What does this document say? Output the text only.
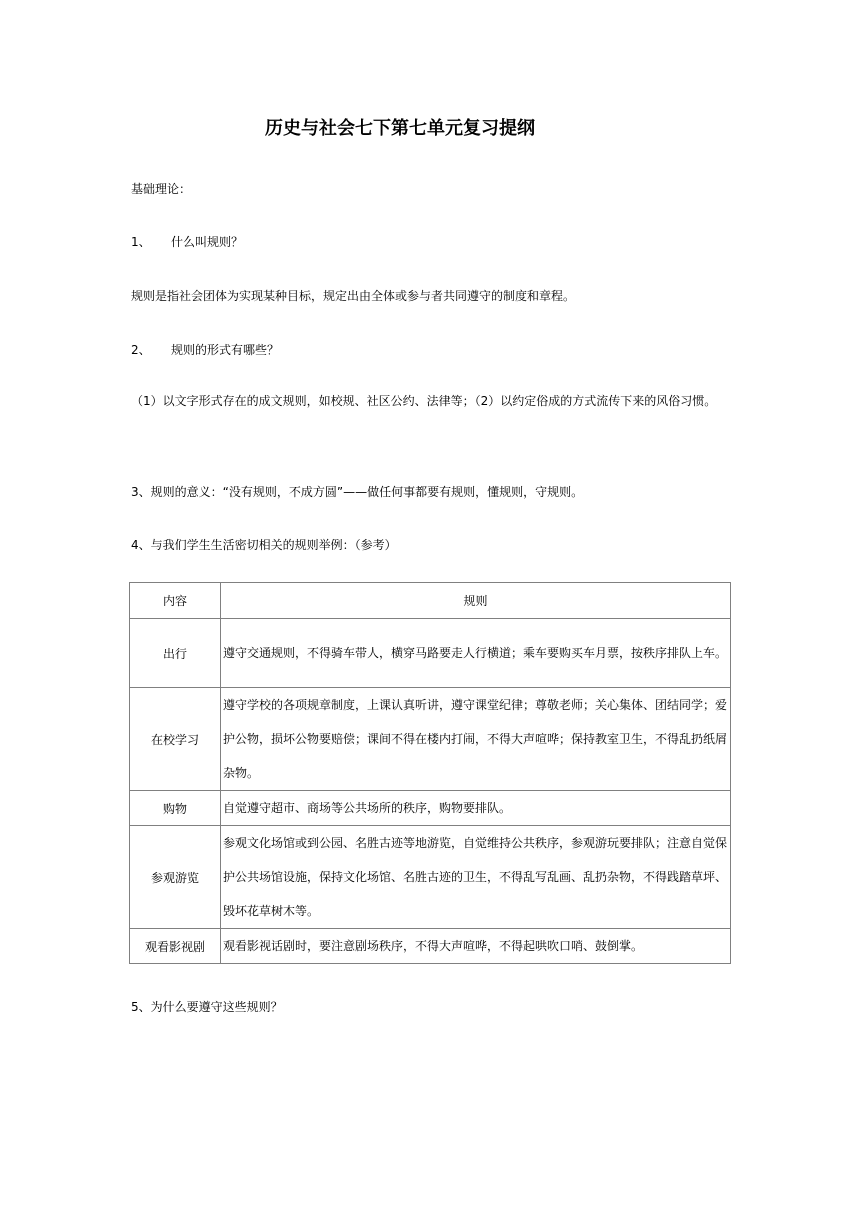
历史与社会七下第七单元复习提纲
基础理论：
1、 什么叫规则？
规则是指社会团体为实现某种目标，规定出由全体或参与者共同遵守的制度和章程。
2、 规则的形式有哪些？
（1）以文字形式存在的成文规则，如校规、社区公约、法律等；（2）以约定俗成的方式流传下来的风俗习惯。
3、规则的意义：“没有规则，不成方圆”——做任何事都要有规则，懂规则，守规则。
4、与我们学生生活密切相关的规则举例：（参考）
内容	规则
出行	遵守交通规则，不得骑车带人，横穿马路要走人行横道；乘车要购买车月票，按秩序排队上车。
在校学习	遵守学校的各项规章制度，上课认真听讲，遵守课堂纪律；尊敬老师；关心集体、团结同学；爱护公物，损坏公物要赔偿；课间不得在楼内打闹，不得大声喧哗；保持教室卫生，不得乱扔纸屑杂物。
购物	自觉遵守超市、商场等公共场所的秩序，购物要排队。
参观游览	参观文化场馆或到公园、名胜古迹等地游览，自觉维持公共秩序，参观游玩要排队；注意自觉保护公共场馆设施，保持文化场馆、名胜古迹的卫生，不得乱写乱画、乱扔杂物，不得践踏草坪、毁坏花草树木等。
观看影视剧	观看影视话剧时，要注意剧场秩序，不得大声喧哗，不得起哄吹口哨、鼓倒掌。
5、为什么要遵守这些规则？
